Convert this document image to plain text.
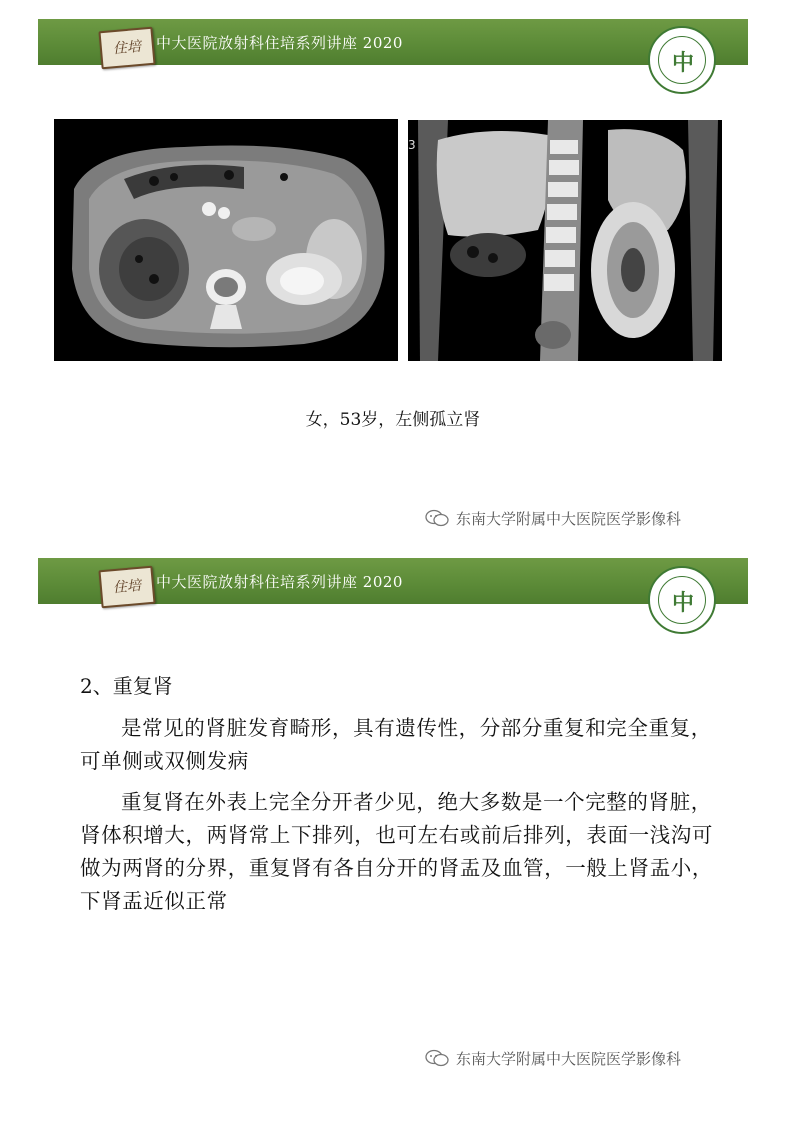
住培 中大医院放射科住培系列讲座 2020
中
3
女，53岁，左侧孤立肾
东南大学附属中大医院医学影像科
住培 中大医院放射科住培系列讲座 2020
中
2、重复肾
是常见的肾脏发育畸形，具有遗传性，分部分重复和完全重复，可单侧或双侧发病
重复肾在外表上完全分开者少见，绝大多数是一个完整的肾脏，肾体积增大，两肾常上下排列，也可左右或前后排列，表面一浅沟可做为两肾的分界，重复肾有各自分开的肾盂及血管，一般上肾盂小，下肾盂近似正常
东南大学附属中大医院医学影像科
